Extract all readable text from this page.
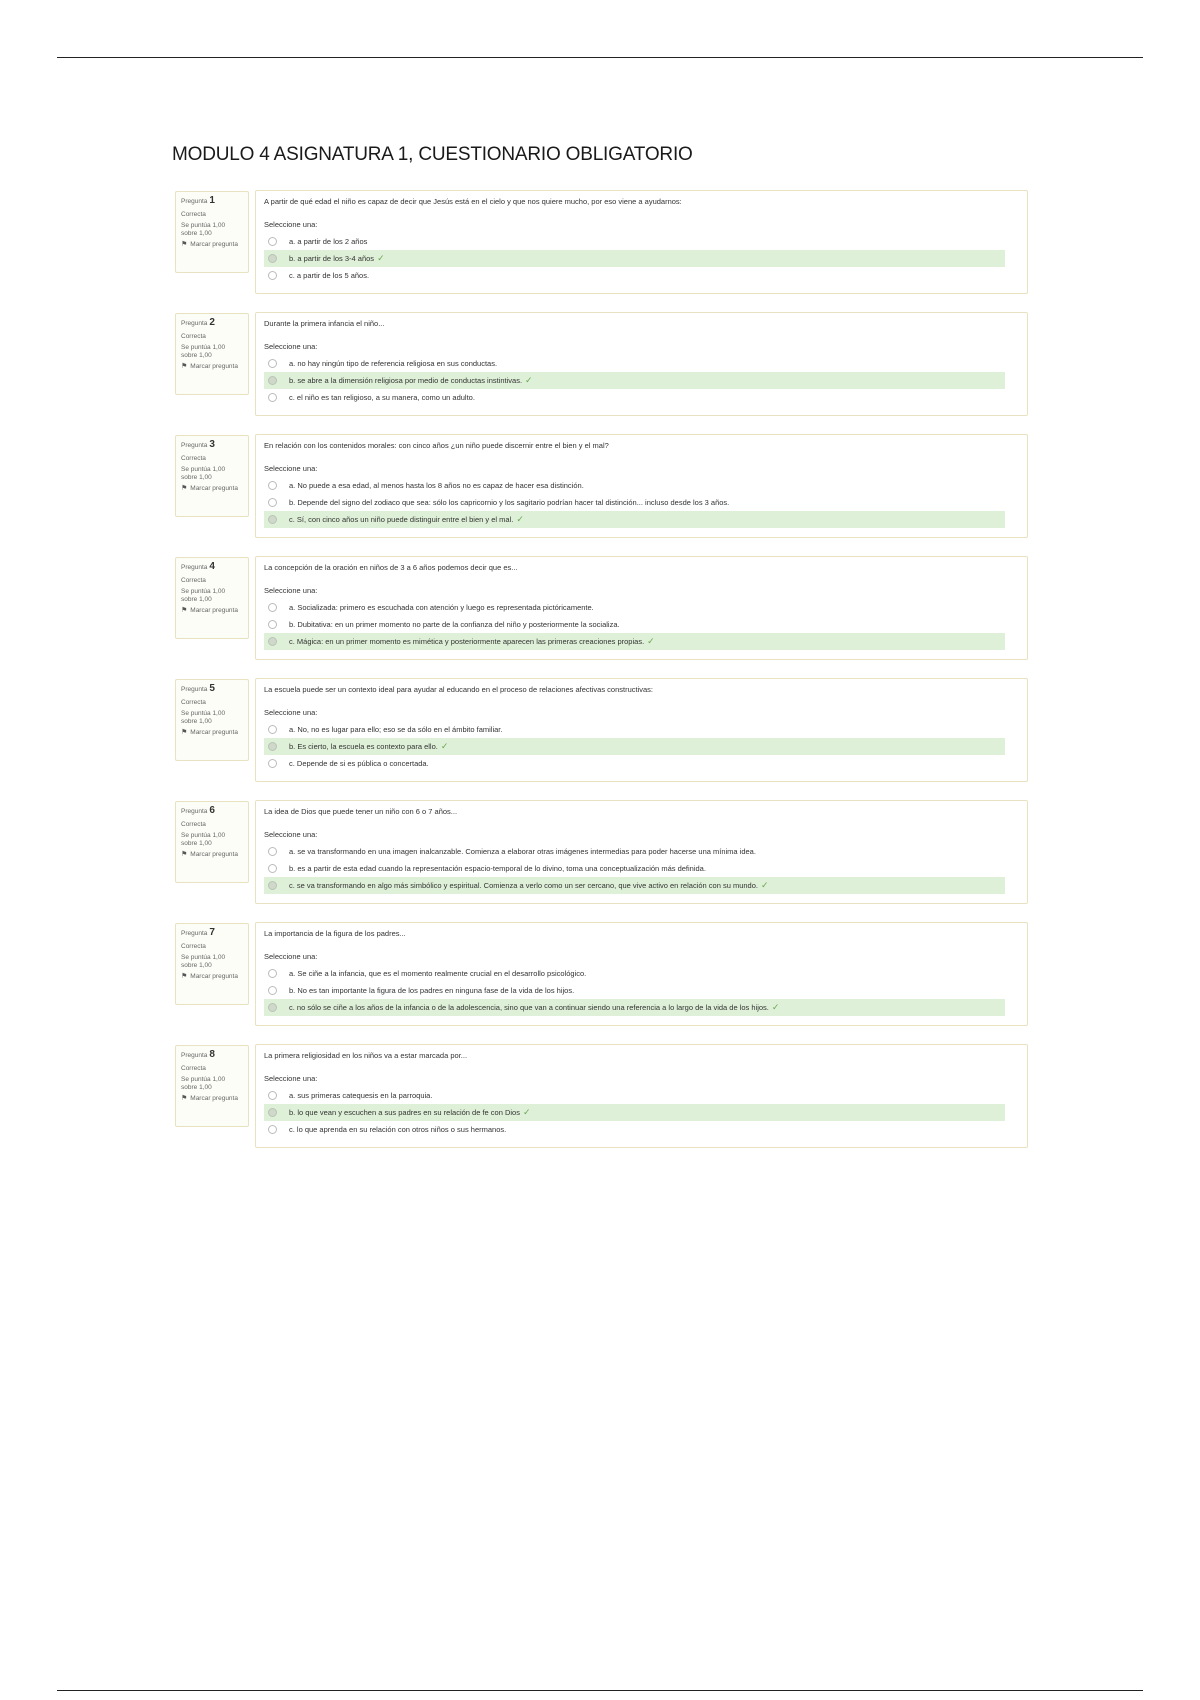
MODULO 4 ASIGNATURA 1, CUESTIONARIO OBLIGATORIO
Pregunta 1
Correcta
Se puntúa 1,00 sobre 1,00
⚑ Marcar pregunta
A partir de qué edad el niño es capaz de decir que Jesús está en el cielo y que nos quiere mucho, por eso viene a ayudarnos:
Seleccione una:
a. a partir de los 2 años
b. a partir de los 3-4 años ✓
c. a partir de los 5 años.
Pregunta 2
Correcta
Se puntúa 1,00 sobre 1,00
⚑ Marcar pregunta
Durante la primera infancia el niño...
Seleccione una:
a. no hay ningún tipo de referencia religiosa en sus conductas.
b. se abre a la dimensión religiosa por medio de conductas instintivas. ✓
c. el niño es tan religioso, a su manera, como un adulto.
Pregunta 3
Correcta
Se puntúa 1,00 sobre 1,00
⚑ Marcar pregunta
En relación con los contenidos morales: con cinco años ¿un niño puede discernir entre el bien y el mal?
Seleccione una:
a. No puede a esa edad, al menos hasta los 8 años no es capaz de hacer esa distinción.
b. Depende del signo del zodiaco que sea: sólo los capricornio y los sagitario podrían hacer tal distinción... incluso desde los 3 años.
c. Sí, con cinco años un niño puede distinguir entre el bien y el mal. ✓
Pregunta 4
Correcta
Se puntúa 1,00 sobre 1,00
⚑ Marcar pregunta
La concepción de la oración en niños de 3 a 6 años podemos decir que es...
Seleccione una:
a. Socializada: primero es escuchada con atención y luego es representada pictóricamente.
b. Dubitativa: en un primer momento no parte de la confianza del niño y posteriormente la socializa.
c. Mágica: en un primer momento es mimética y posteriormente aparecen las primeras creaciones propias. ✓
Pregunta 5
Correcta
Se puntúa 1,00 sobre 1,00
⚑ Marcar pregunta
La escuela puede ser un contexto ideal para ayudar al educando en el proceso de relaciones afectivas constructivas:
Seleccione una:
a. No, no es lugar para ello; eso se da sólo en el ámbito familiar.
b. Es cierto, la escuela es contexto para ello. ✓
c. Depende de si es pública o concertada.
Pregunta 6
Correcta
Se puntúa 1,00 sobre 1,00
⚑ Marcar pregunta
La idea de Dios que puede tener un niño con 6 o 7 años...
Seleccione una:
a. se va transformando en una imagen inalcanzable. Comienza a elaborar otras imágenes intermedias para poder hacerse una mínima idea.
b. es a partir de esta edad cuando la representación espacio-temporal de lo divino, toma una conceptualización más definida.
c. se va transformando en algo más simbólico y espiritual. Comienza a verlo como un ser cercano, que vive activo en relación con su mundo. ✓
Pregunta 7
Correcta
Se puntúa 1,00 sobre 1,00
⚑ Marcar pregunta
La importancia de la figura de los padres...
Seleccione una:
a. Se ciñe a la infancia, que es el momento realmente crucial en el desarrollo psicológico.
b. No es tan importante la figura de los padres en ninguna fase de la vida de los hijos.
c. no sólo se ciñe a los años de la infancia o de la adolescencia, sino que van a continuar siendo una referencia a lo largo de la vida de los hijos. ✓
Pregunta 8
Correcta
Se puntúa 1,00 sobre 1,00
⚑ Marcar pregunta
La primera religiosidad en los niños va a estar marcada por...
Seleccione una:
a. sus primeras catequesis en la parroquia.
b. lo que vean y escuchen a sus padres en su relación de fe con Dios ✓
c. lo que aprenda en su relación con otros niños o sus hermanos.
